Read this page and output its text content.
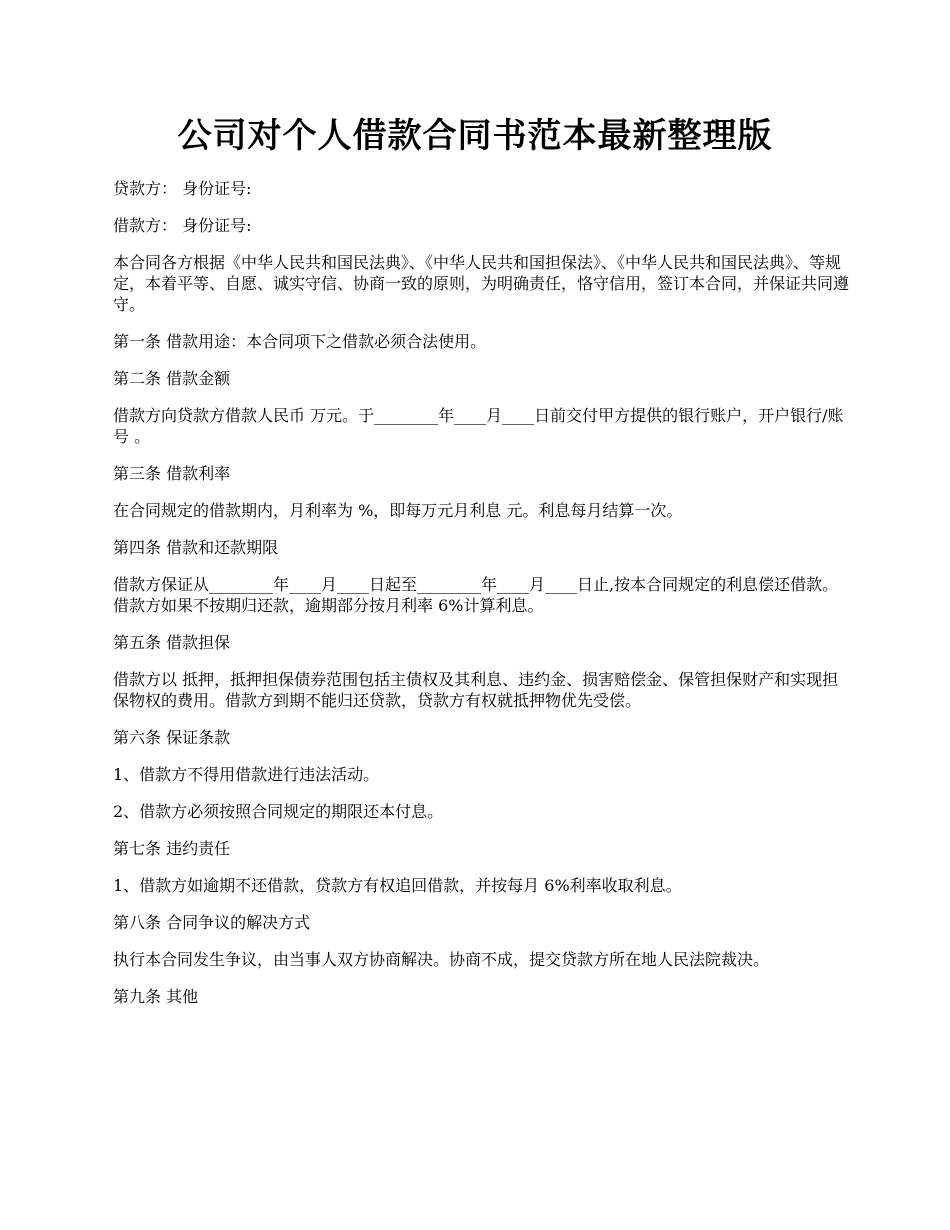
公司对个人借款合同书范本最新整理版

贷款方： 身份证号:

借款方： 身份证号:

本合同各方根据《中华人民共和国民法典》、《中华人民共和国担保法》、《中华人民共和国民法典》、等规定，本着平等、自愿、诚实守信、协商一致的原则，为明确责任，恪守信用，签订本合同，并保证共同遵守。

第一条 借款用途：本合同项下之借款必须合法使用。

第二条 借款金额

借款方向贷款方借款人民币 万元。于________年____月____日前交付甲方提供的银行账户，开户银行/账号 。

第三条 借款利率

在合同规定的借款期内，月利率为 %，即每万元月利息 元。利息每月结算一次。

第四条 借款和还款期限

借款方保证从________年____月____日起至________年____月____日止,按本合同规定的利息偿还借款。借款方如果不按期归还款，逾期部分按月利率 6%计算利息。

第五条 借款担保

借款方以 抵押，抵押担保债券范围包括主债权及其利息、违约金、损害赔偿金、保管担保财产和实现担保物权的费用。借款方到期不能归还贷款，贷款方有权就抵押物优先受偿。

第六条 保证条款

1、借款方不得用借款进行违法活动。

2、借款方必须按照合同规定的期限还本付息。

第七条 违约责任

1、借款方如逾期不还借款，贷款方有权追回借款，并按每月 6%利率收取利息。

第八条 合同争议的解决方式

执行本合同发生争议，由当事人双方协商解决。协商不成，提交贷款方所在地人民法院裁决。

第九条 其他
